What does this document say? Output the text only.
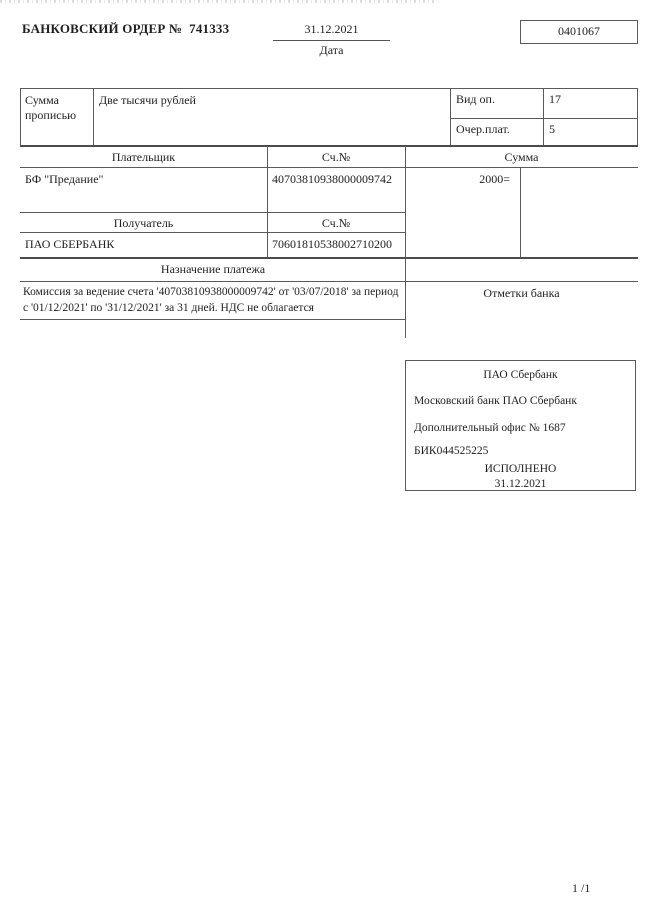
БАНКОВСКИЙ ОРДЕР №  741333	31.12.2021
Дата
0401067
Сумма прописью
Две тысячи рублей	Вид оп.	17
Очер.плат.	5
Плательщик	Сч.№	Сумма
БФ "Предание"	40703810938000009742	2000=
Получатель	Сч.№
ПАО СБЕРБАНК	70601810538002710200
Назначение платежа
Комиссия за ведение счета '40703810938000009742' от '03/07/2018' за период с '01/12/2021' по '31/12/2021' за 31 дней. НДС не облагается
Отметки банка
ПАО Сбербанк
Московский банк ПАО Сбербанк
Дополнительный офис № 1687
БИК044525225
ИСПОЛНЕНО
31.12.2021
1 /1
